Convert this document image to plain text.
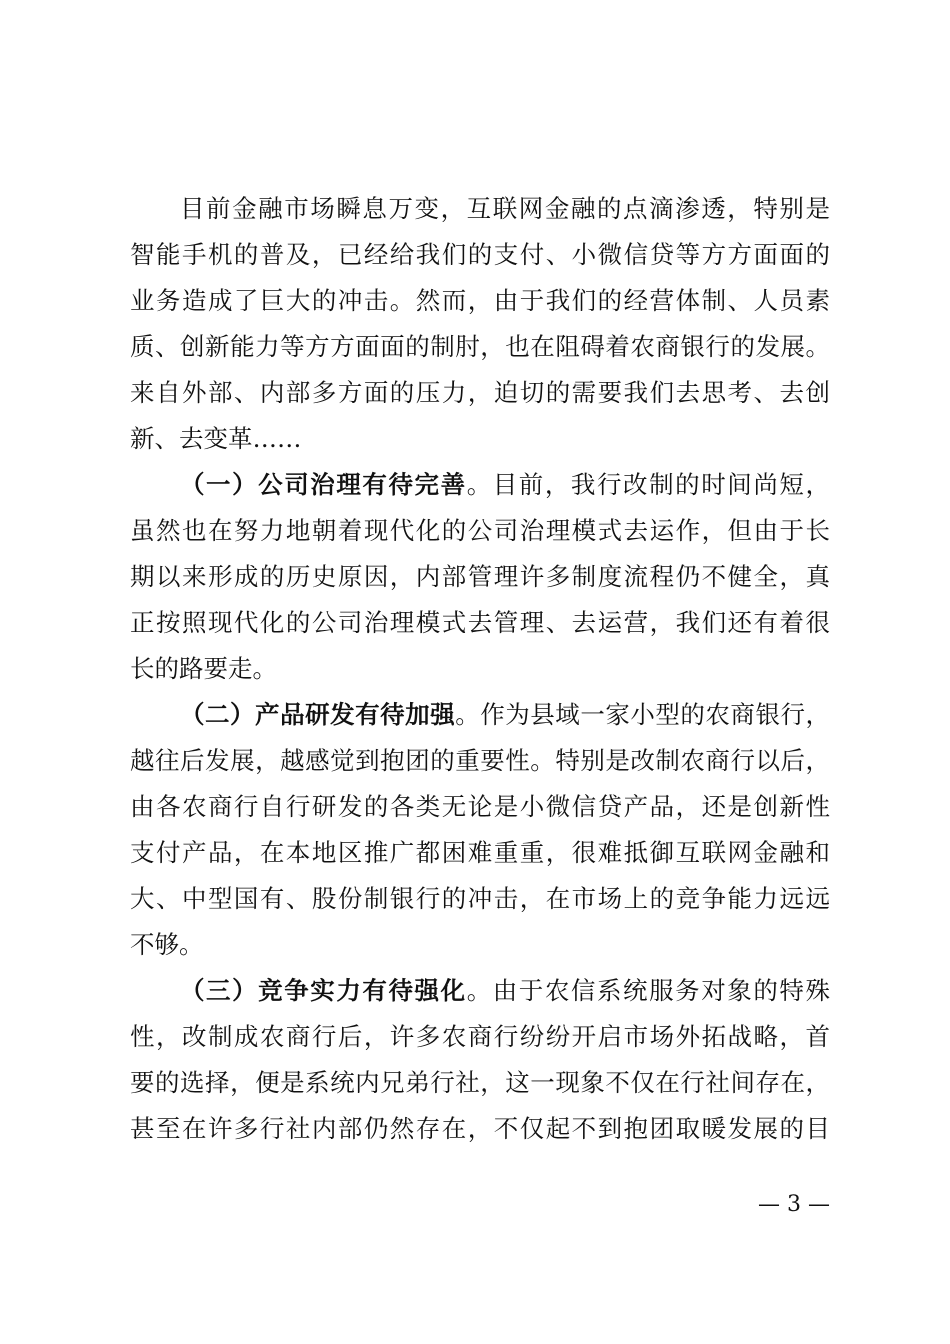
目前金融市场瞬息万变，互联网金融的点滴渗透，特别是
智能手机的普及，已经给我们的支付、小微信贷等方方面面的
业务造成了巨大的冲击。然而，由于我们的经营体制、人员素
质、创新能力等方方面面的制肘，也在阻碍着农商银行的发展。
来自外部、内部多方面的压力，迫切的需要我们去思考、去创
新、去变革……
（一）公司治理有待完善。目前，我行改制的时间尚短，
虽然也在努力地朝着现代化的公司治理模式去运作，但由于长
期以来形成的历史原因，内部管理许多制度流程仍不健全，真
正按照现代化的公司治理模式去管理、去运营，我们还有着很
长的路要走。
（二）产品研发有待加强。作为县域一家小型的农商银行，
越往后发展，越感觉到抱团的重要性。特别是改制农商行以后，
由各农商行自行研发的各类无论是小微信贷产品，还是创新性
支付产品，在本地区推广都困难重重，很难抵御互联网金融和
大、中型国有、股份制银行的冲击，在市场上的竞争能力远远
不够。
（三）竞争实力有待强化。由于农信系统服务对象的特殊
性，改制成农商行后，许多农商行纷纷开启市场外拓战略，首
要的选择，便是系统内兄弟行社，这一现象不仅在行社间存在，
甚至在许多行社内部仍然存在，不仅起不到抱团取暖发展的目
— 3 —
